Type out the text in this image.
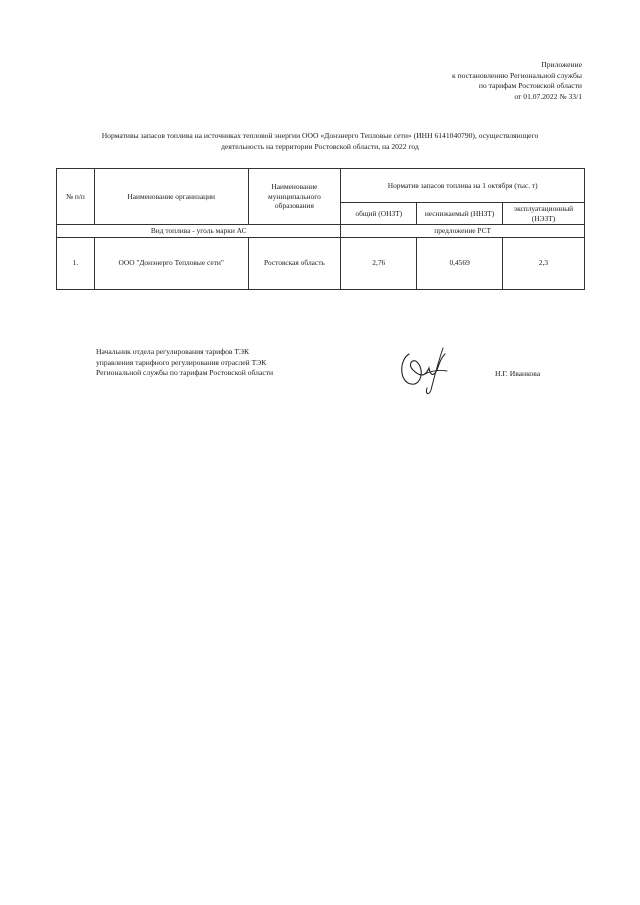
Приложение
к постановлению Региональной службы
по тарифам Ростовской области
от 01.07.2022 № 33/1
Нормативы запасов топлива на источниках тепловой энергии ООО «Донэнерго Тепловые сети» (ИНН 6141040790), осуществляющего
деятельность на территории Ростовской области, на 2022 год
№ п/п	Наименование организации	Наименование муниципального образования	Норматив запасов топлива на 1 октября (тыс. т)		
			общий (ОНЗТ)	неснижаемый (ННЗТ)	эксплуатационный (НЭЗТ)
Вид топлива - уголь марки АС			предложение РСТ		
1.	ООО "Донэнерго Тепловые сети"	Ростовская область	2,76	0,4569	2,3
Начальник отдела регулирования тарифов ТЭК
управления тарифного регулирования отраслей ТЭК
Региональной службы по тарифам Ростовской области	Н.Г. Иванкова
